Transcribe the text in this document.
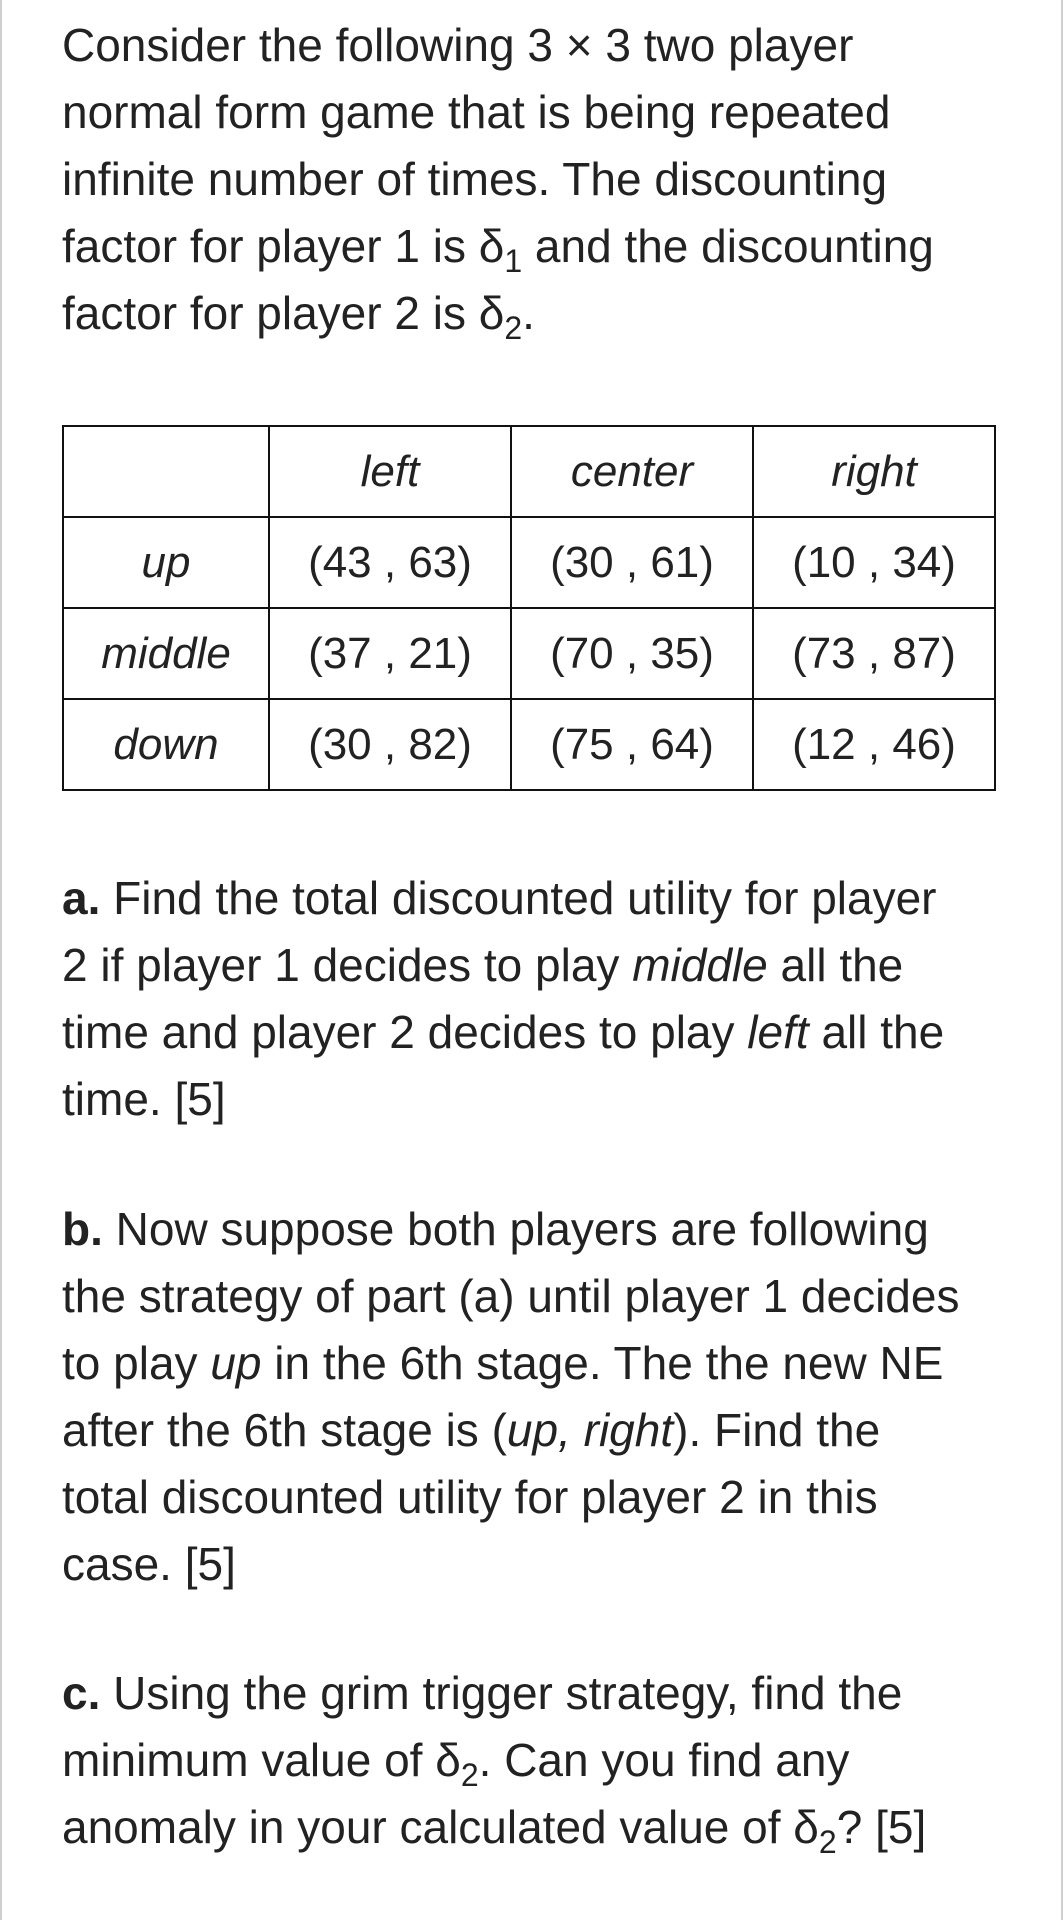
Consider the following 3 × 3 two player
normal form game that is being repeated
infinite number of times. The discounting
factor for player 1 is $\delta_1$ and the discounting
factor for player 2 is $\delta_2$.

	left	center	right
up	(43 , 63)	(30 , 61)	(10 , 34)
middle	(37 , 21)	(70 , 35)	(73 , 87)
down	(30 , 82)	(75 , 64)	(12 , 46)

a. Find the total discounted utility for player
2 if player 1 decides to play middle all the
time and player 2 decides to play left all the
time. [5]

b. Now suppose both players are following
the strategy of part (a) until player 1 decides
to play up in the 6th stage. The the new NE
after the 6th stage is (up, right). Find the
total discounted utility for player 2 in this
case. [5]

c. Using the grim trigger strategy, find the
minimum value of $\delta_2$. Can you find any
anomaly in your calculated value of $\delta_2$? [5]
